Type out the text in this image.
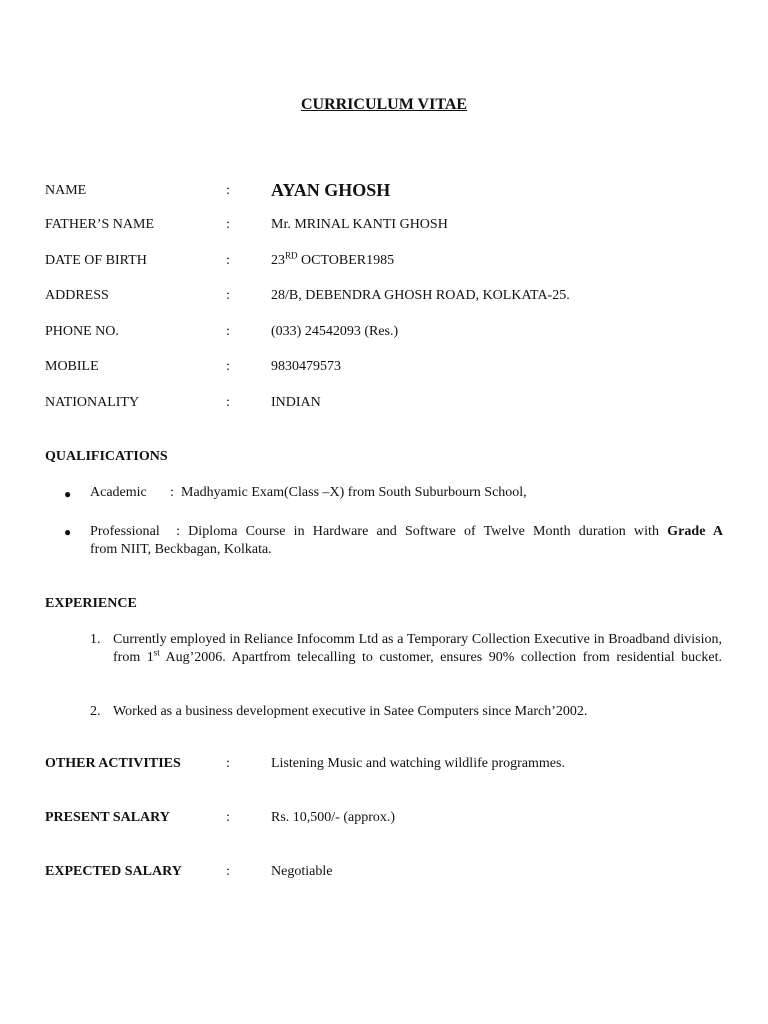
CURRICULUM VITAE
NAME	: AYAN GHOSH
FATHER’S NAME	:	Mr. MRINAL KANTI GHOSH
DATE OF BIRTH	:	23RD OCTOBER1985
ADDRESS	:	28/B, DEBENDRA GHOSH ROAD, KOLKATA-25.
PHONE NO.	:	(033) 24542093 (Res.)
MOBILE	:	9830479573
NATIONALITY	:	INDIAN
QUALIFICATIONS
● Academic : Madhyamic Exam(Class –X) from South Suburbourn School,
● Professional : Diploma Course in Hardware and Software of Twelve Month duration with Grade A
from NIIT, Beckbagan, Kolkata.
EXPERIENCE
1. Currently employed in Reliance Infocomm Ltd as a Temporary Collection Executive in Broadband division, from 1st Aug’2006. Apartfrom telecalling to customer, ensures 90% collection from residential bucket.
2. Worked as a business development executive in Satee Computers since March’2002.
OTHER ACTIVITIES	:	Listening Music and watching wildlife programmes.
PRESENT SALARY	:	Rs. 10,500/- (approx.)
EXPECTED SALARY	:	Negotiable
